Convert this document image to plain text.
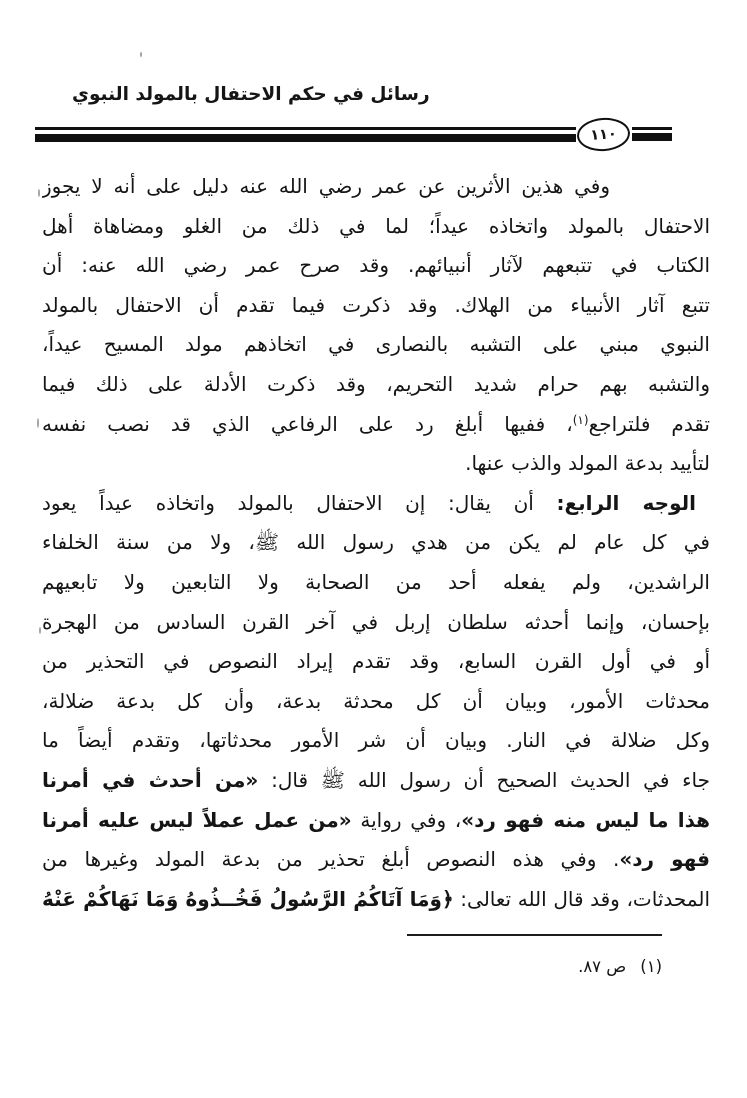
رسائل في حكم الاحتفال بالمولد النبوي
١١٠
وفي هذين الأثرين عن عمر رضي الله عنه دليل على أنه لا يجوز
الاحتفال بالمولد واتخاذه عيداً؛ لما في ذلك من الغلو ومضاهاة أهل
الكتاب في تتبعهم لآثار أنبيائهم. وقد صرح عمر رضي الله عنه: أن
تتبع آثار الأنبياء من الهلاك. وقد ذكرت فيما تقدم أن الاحتفال بالمولد
النبوي مبني على التشبه بالنصارى في اتخاذهم مولد المسيح عيداً،
والتشبه بهم حرام شديد التحريم، وقد ذكرت الأدلة على ذلك فيما
تقدم فلتراجع$^{(١)}$، ففيها أبلغ رد على الرفاعي الذي قد نصب نفسه
لتأييد بدعة المولد والذب عنها.
الوجه الرابع: أن يقال: إن الاحتفال بالمولد واتخاذه عيداً يعود
في كل عام لم يكن من هدي رسول الله ﷺ، ولا من سنة الخلفاء
الراشدين، ولم يفعله أحد من الصحابة ولا التابعين ولا تابعيهم
بإحسان، وإنما أحدثه سلطان إربل في آخر القرن السادس من الهجرة
أو في أول القرن السابع، وقد تقدم إيراد النصوص في التحذير من
محدثات الأمور، وبيان أن كل محدثة بدعة، وأن كل بدعة ضلالة،
وكل ضلالة في النار. وبيان أن شر الأمور محدثاتها، وتقدم أيضاً ما
جاء في الحديث الصحيح أن رسول الله ﷺ قال: «من أحدث في أمرنا
هذا ما ليس منه فهو رد»، وفي رواية «من عمل عملاً ليس عليه أمرنا
فهو رد». وفي هذه النصوص أبلغ تحذير من بدعة المولد وغيرها من
المحدثات، وقد قال الله تعالى: ﴿وَمَا آتَاكُمُ الرَّسُولُ فَخُــذُوهُ وَمَا نَهَاكُمْ عَنْهُ
(١)ص ٨٧.
